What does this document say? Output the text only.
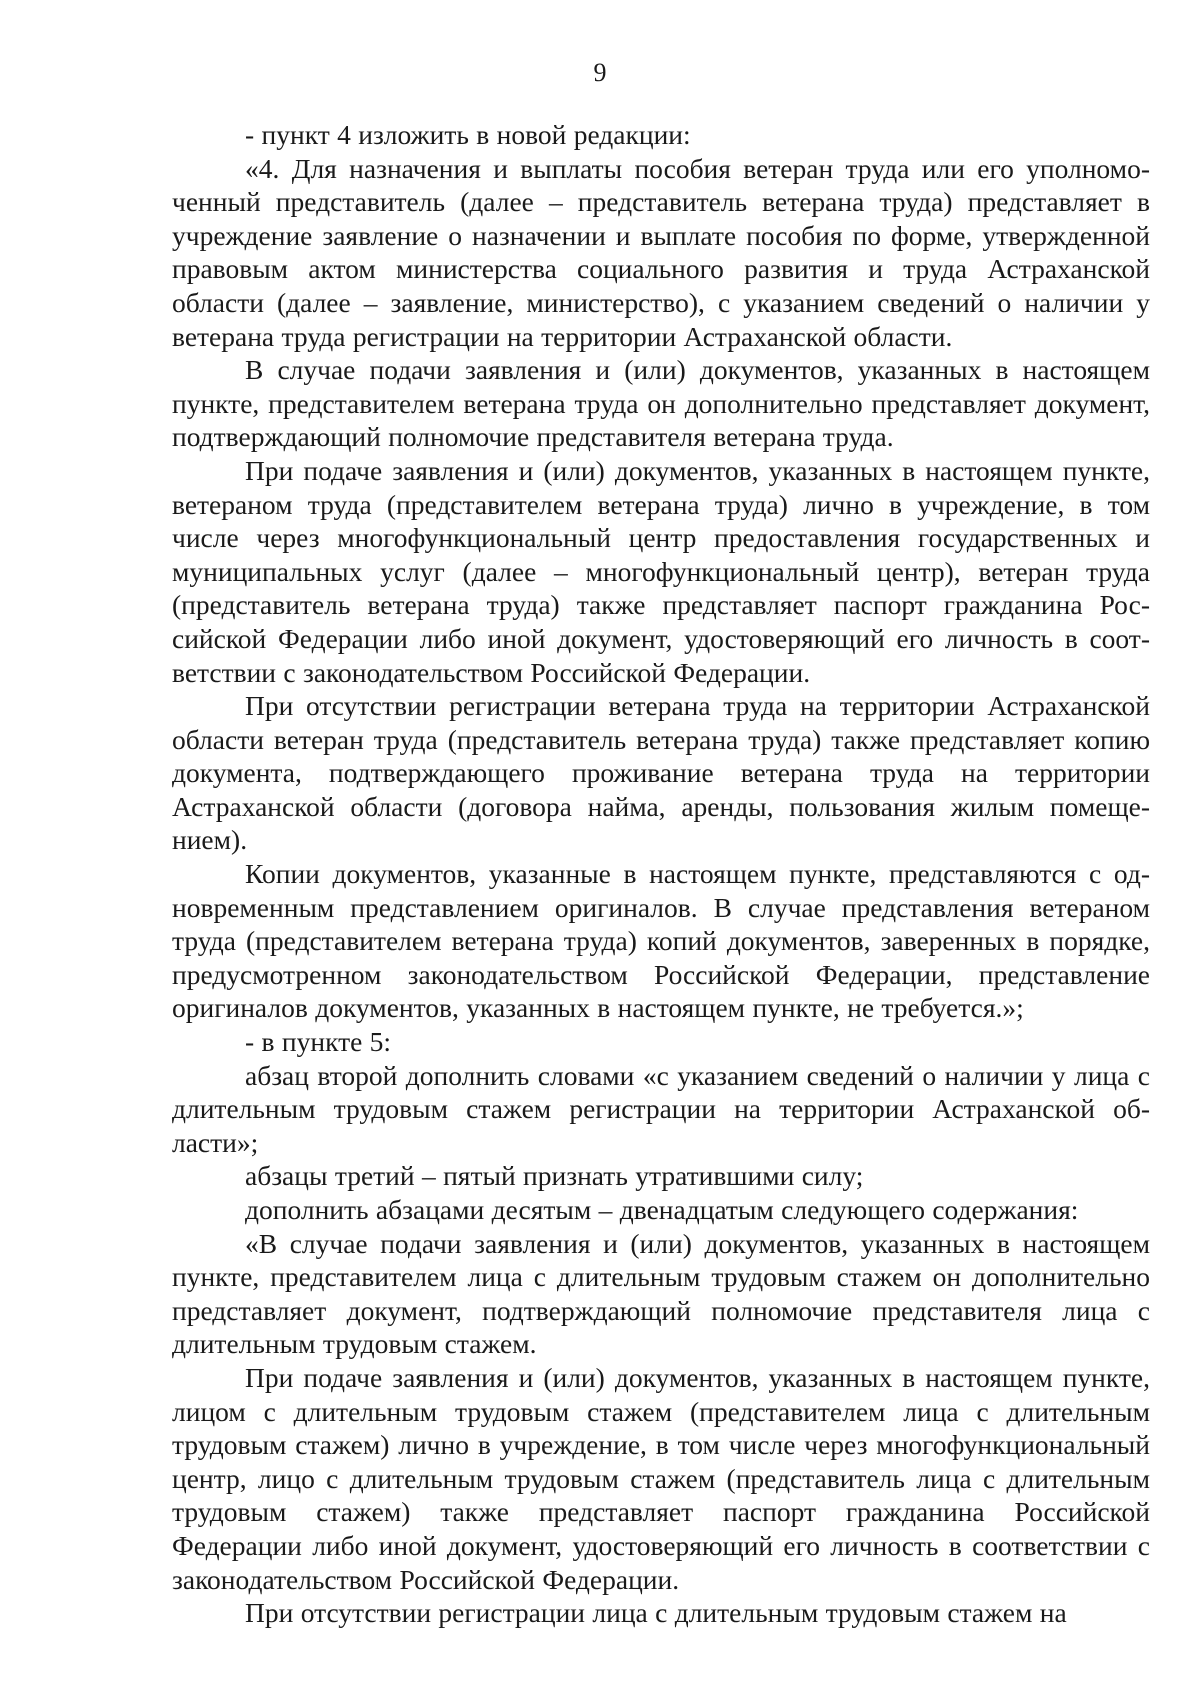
9

- пункт 4 изложить в новой редакции:

«4. Для назначения и выплаты пособия ветеран труда или его уполномоченный представитель (далее – представитель ветерана труда) представляет в учреждение заявление о назначении и выплате пособия по форме, утвержденной правовым актом министерства социального развития и труда Астраханской области (далее – заявление, министерство), с указанием сведений о наличии у ветерана труда регистрации на территории Астраханской области.

В случае подачи заявления и (или) документов, указанных в настоящем пункте, представителем ветерана труда он дополнительно представляет документ, подтверждающий полномочие представителя ветерана труда.

При подаче заявления и (или) документов, указанных в настоящем пункте, ветераном труда (представителем ветерана труда) лично в учреждение, в том числе через многофункциональный центр предоставления государственных и муниципальных услуг (далее – многофункциональный центр), ветеран труда (представитель ветерана труда) также представляет паспорт гражданина Российской Федерации либо иной документ, удостоверяющий его личность в соответствии с законодательством Российской Федерации.

При отсутствии регистрации ветерана труда на территории Астраханской области ветеран труда (представитель ветерана труда) также представляет копию документа, подтверждающего проживание ветерана труда на территории Астраханской области (договора найма, аренды, пользования жилым помещением).

Копии документов, указанные в настоящем пункте, представляются с одновременным представлением оригиналов. В случае представления ветераном труда (представителем ветерана труда) копий документов, заверенных в порядке, предусмотренном законодательством Российской Федерации, представление оригиналов документов, указанных в настоящем пункте, не требуется.»;

- в пункте 5:

абзац второй дополнить словами «с указанием сведений о наличии у лица с длительным трудовым стажем регистрации на территории Астраханской области»;

абзацы третий – пятый признать утратившими силу;

дополнить абзацами десятым – двенадцатым следующего содержания:

«В случае подачи заявления и (или) документов, указанных в настоящем пункте, представителем лица с длительным трудовым стажем он дополнительно представляет документ, подтверждающий полномочие представителя лица с длительным трудовым стажем.

При подаче заявления и (или) документов, указанных в настоящем пункте, лицом с длительным трудовым стажем (представителем лица с длительным трудовым стажем) лично в учреждение, в том числе через многофункциональный центр, лицо с длительным трудовым стажем (представитель лица с длительным трудовым стажем) также представляет паспорт гражданина Российской Федерации либо иной документ, удостоверяющий его личность в соответствии с законодательством Российской Федерации.

При отсутствии регистрации лица с длительным трудовым стажем на
